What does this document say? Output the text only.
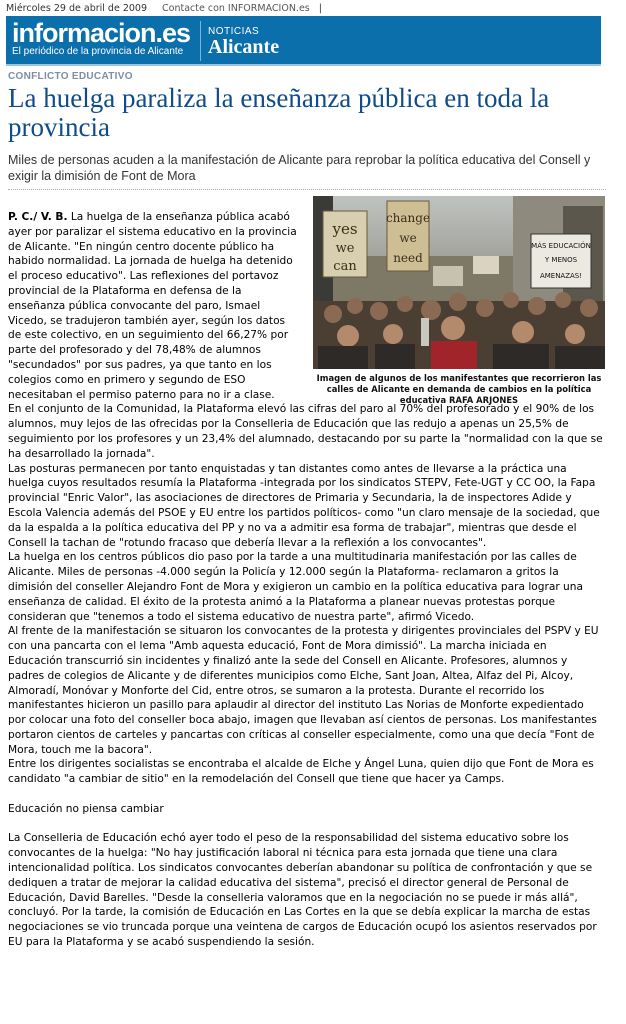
Miércoles 29 de abril de 2009 Contacte con INFORMACION.es |
informacion.es
El periódico de la provincia de Alicante
NOTICIAS
Alicante
CONFLICTO EDUCATIVO
La huelga paraliza la enseñanza pública en toda la provincia
Miles de personas acuden a la manifestación de Alicante para reprobar la política educativa del Consell y exigir la dimisión de Font de Mora
yes
we
can
change
we
need
MÁS EDUCACIÓN
Y MENOS
AMENAZAS!
Imagen de algunos de los manifestantes que recorrieron las calles de Alicante en demanda de cambios en la política educativa RAFA ARJONES

P. C./ V. B. La huelga de la enseñanza pública acabó ayer por paralizar el sistema educativo en la provincia de Alicante. "En ningún centro docente público ha habido normalidad. La jornada de huelga ha detenido el proceso educativo". Las reflexiones del portavoz provincial de la Plataforma en defensa de la enseñanza pública convocante del paro, Ismael Vicedo, se tradujeron también ayer, según los datos de este colectivo, en un seguimiento del 66,27% por parte del profesorado y del 78,48% de alumnos "secundados" por sus padres, ya que tanto en los colegios como en primero y segundo de ESO necesitaban el permiso paterno para no ir a clase.

En el conjunto de la Comunidad, la Plataforma elevó las cifras del paro al 70% del profesorado y el 90% de los alumnos, muy lejos de las ofrecidas por la Conselleria de Educación que las redujo a apenas un 25,5% de seguimiento por los profesores y un 23,4% del alumnado, destacando por su parte la "normalidad con la que se ha desarrollado la jornada".

Las posturas permanecen por tanto enquistadas y tan distantes como antes de llevarse a la práctica una huelga cuyos resultados resumía la Plataforma -integrada por los sindicatos STEPV, Fete-UGT y CC OO, la Fapa provincial "Enric Valor", las asociaciones de directores de Primaria y Secundaria, la de inspectores Adide y Escola Valencia además del PSOE y EU entre los partidos políticos- como "un claro mensaje de la sociedad, que da la espalda a la política educativa del PP y no va a admitir esa forma de trabajar", mientras que desde el Consell la tachan de "rotundo fracaso que debería llevar a la reflexión a los convocantes".

La huelga en los centros públicos dio paso por la tarde a una multitudinaria manifestación por las calles de Alicante. Miles de personas -4.000 según la Policía y 12.000 según la Plataforma- reclamaron a gritos la dimisión del conseller Alejandro Font de Mora y exigieron un cambio en la política educativa para lograr una enseñanza de calidad. El éxito de la protesta animó a la Plataforma a planear nuevas protestas porque consideran que "tenemos a todo el sistema educativo de nuestra parte", afirmó Vicedo.

Al frente de la manifestación se situaron los convocantes de la protesta y dirigentes provinciales del PSPV y EU con una pancarta con el lema "Amb aquesta educació, Font de Mora dimissió". La marcha iniciada en Educación transcurrió sin incidentes y finalizó ante la sede del Consell en Alicante. Profesores, alumnos y padres de colegios de Alicante y de diferentes municipios como Elche, Sant Joan, Altea, Alfaz del Pi, Alcoy, Almoradí, Monóvar y Monforte del Cid, entre otros, se sumaron a la protesta. Durante el recorrido los manifestantes hicieron un pasillo para aplaudir al director del instituto Las Norias de Monforte expedientado por colocar una foto del conseller boca abajo, imagen que llevaban así cientos de personas. Los manifestantes portaron cientos de carteles y pancartas con críticas al conseller especialmente, como una que decía "Font de Mora, touch me la bacora".

Entre los dirigentes socialistas se encontraba el alcalde de Elche y Ángel Luna, quien dijo que Font de Mora es candidato "a cambiar de sitio" en la remodelación del Consell que tiene que hacer ya Camps.

Educación no piensa cambiar

La Conselleria de Educación echó ayer todo el peso de la responsabilidad del sistema educativo sobre los convocantes de la huelga: "No hay justificación laboral ni técnica para esta jornada que tiene una clara intencionalidad política. Los sindicatos convocantes deberían abandonar su política de confrontación y que se dediquen a tratar de mejorar la calidad educativa del sistema", precisó el director general de Personal de Educación, David Barelles. "Desde la conselleria valoramos que en la negociación no se puede ir más allá", concluyó. Por la tarde, la comisión de Educación en Las Cortes en la que se debía explicar la marcha de estas negociaciones se vio truncada porque una veintena de cargos de Educación ocupó los asientos reservados por EU para la Plataforma y se acabó suspendiendo la sesión.
